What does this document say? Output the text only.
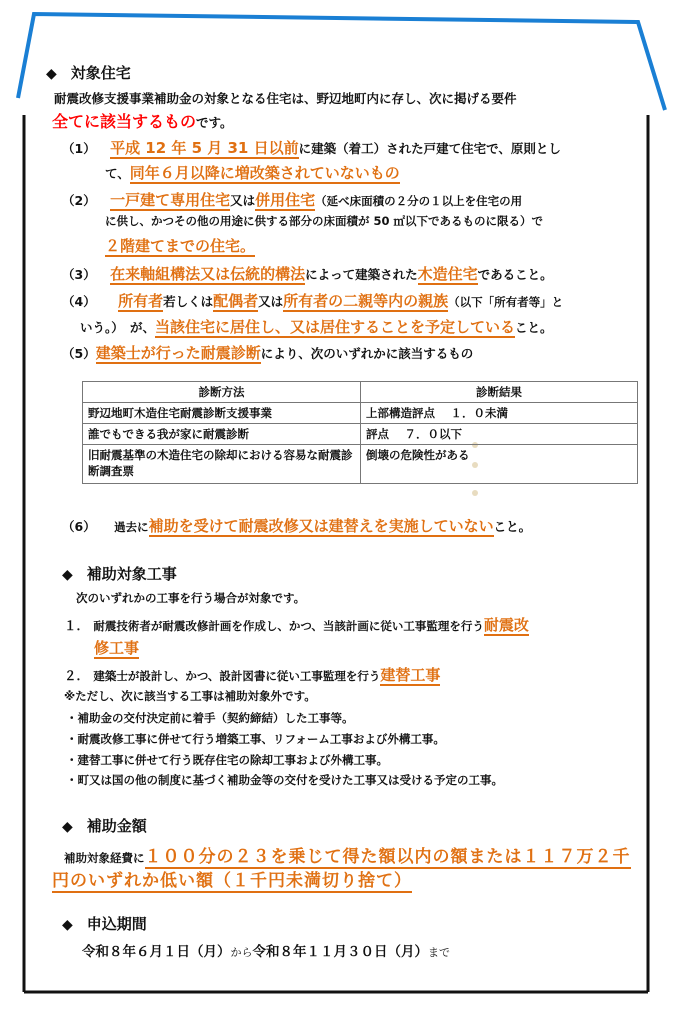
◆ 対象住宅
耐震改修支援事業補助金の対象となる住宅は、野辺地町内に存し、次に掲げる要件
全てに該当するものです。
（1） 平成 12 年 5 月 31 日以前に建築（着工）された戸建て住宅で、原則とし
て、同年６月以降に増改築されていないもの
（2） 一戸建て専用住宅又は併用住宅（延べ床面積の２分の１以上を住宅の用
に供し、かつその他の用途に供する部分の床面積が 50 ㎡以下であるものに限る）で
２階建てまでの住宅。
（3） 在来軸組構法又は伝統的構法によって建築された木造住宅であること。
（4） 所有者若しくは配偶者又は所有者の二親等内の親族（以下「所有者等」と
いう。）　が、当該住宅に居住し、又は居住することを予定していること。
（5）建築士が行った耐震診断により、次のいずれかに該当するもの
診断方法	診断結果
野辺地町木造住宅耐震診断支援事業	上部構造評点　 １．０未満
誰でもできる我が家に耐震診断	評点　 ７．０以下
旧耐震基準の木造住宅の除却における容易な耐震診断調査票	倒壊の危険性がある
（6） 過去に補助を受けて耐震改修又は建替えを実施していないこと。
◆ 補助対象工事
次のいずれかの工事を行う場合が対象です。
１． 耐震技術者が耐震改修計画を作成し、かつ、当該計画に従い工事監理を行う耐震改
修工事
２． 建築士が設計し、かつ、設計図書に従い工事監理を行う建替工事
※ただし、次に該当する工事は補助対象外です。
・補助金の交付決定前に着手（契約締結）した工事等。
・耐震改修工事に併せて行う増築工事、リフォーム工事および外構工事。
・建替工事に併せて行う既存住宅の除却工事および外構工事。
・町又は国の他の制度に基づく補助金等の交付を受けた工事又は受ける予定の工事。
◆ 補助金額
補助対象経費に１００分の２３を乗じて得た額以内の額または１１７万２千
円のいずれか低い額（１千円未満切り捨て）
◆ 申込期間
令和８年６月１日（月）から令和８年１１月３０日（月）まで
